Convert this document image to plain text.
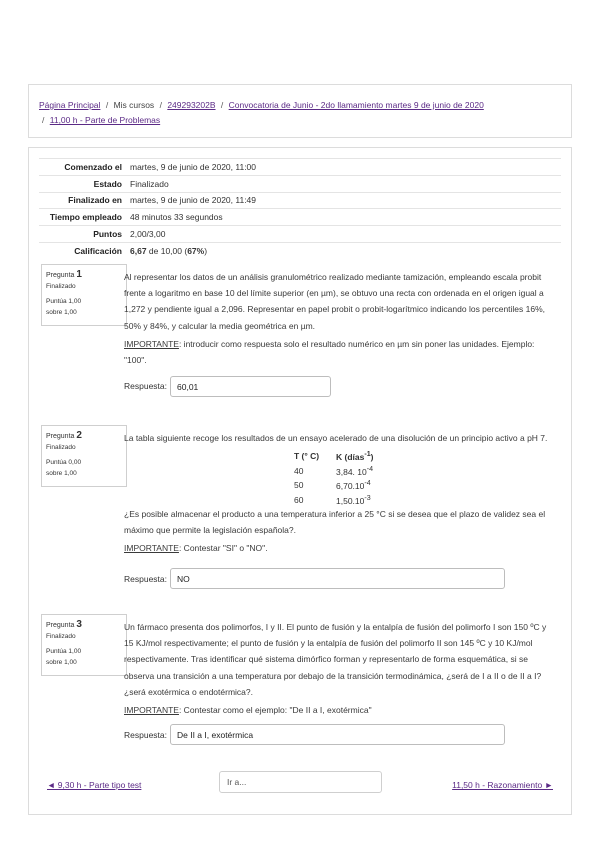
Página Principal / Mis cursos / 249293202B / Convocatoria de Junio - 2do llamamiento martes 9 de junio de 2020
/ 11,00 h - Parte de Problemas
Comenzado el	martes, 9 de junio de 2020, 11:00
Estado	Finalizado
Finalizado en	martes, 9 de junio de 2020, 11:49
Tiempo empleado	48 minutos 33 segundos
Puntos	2,00/3,00
Calificación	6,67 de 10,00 (67%)
Pregunta 1
Finalizado
Puntúa 1,00
sobre 1,00

Al representar los datos de un análisis granulométrico realizado mediante tamización, empleando escala probit frente a logaritmo en base 10 del límite superior (en µm), se obtuvo una recta con ordenada en el origen igual a 1,272 y pendiente igual a 2,096. Representar en papel probit o probit-logarítmico indicando los percentiles 16%, 50% y 84%, y calcular la media geométrica en µm.

IMPORTANTE: introducir como respuesta solo el resultado numérico en µm sin poner las unidades. Ejemplo: "100".

Respuesta:	60,01
Pregunta 2
Finalizado
Puntúa 0,00
sobre 1,00

La tabla siguiente recoge los resultados de un ensayo acelerado de una disolución de un principio activo a pH 7.

T (° C)	K (días$^{-1}$)
40	3,84. $10^{-4}$
50	$6,70.10^{-4}$
60	$1,50.10^{-3}$

¿Es posible almacenar el producto a una temperatura inferior a 25 °C si se desea que el plazo de validez sea el máximo que permite la legislación española?.

IMPORTANTE: Contestar "SI" o "NO".

Respuesta:	NO
Pregunta 3
Finalizado
Puntúa 1,00
sobre 1,00

Un fármaco presenta dos polimorfos, I y II. El punto de fusión y la entalpía de fusión del polimorfo I son 150 ºC y 15 KJ/mol respectivamente; el punto de fusión y la entalpía de fusión del polimorfo II son 145 ºC y 10 KJ/mol respectivamente. Tras identificar qué sistema dimórfico forman y representarlo de forma esquemática, si se observa una transición a una temperatura por debajo de la transición termodinámica, ¿será de I a II o de II a I? ¿será exotérmica o endotérmica?.

IMPORTANTE: Contestar como el ejemplo: "De II a I, exotérmica"

Respuesta:	De II a I, exotérmica
◄ 9,30 h - Parte tipo test	Ir a...	11,50 h - Razonamiento ►
